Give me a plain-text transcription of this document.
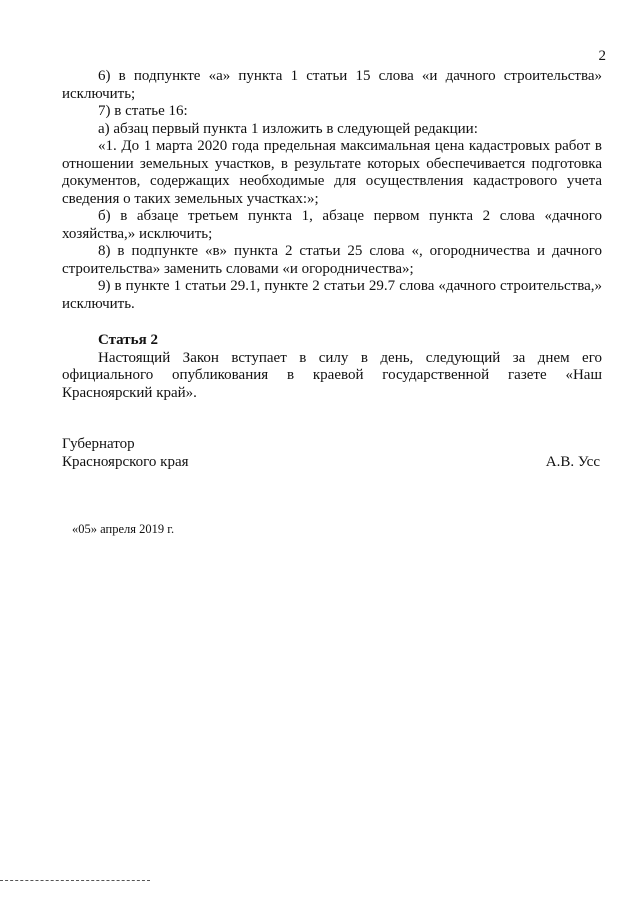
2

6) в подпункте «а» пункта 1 статьи 15 слова «и дачного строительства» исключить;

7) в статье 16:

а) абзац первый пункта 1 изложить в следующей редакции:

«1. До 1 марта 2020 года предельная максимальная цена кадастровых работ в отношении земельных участков, в результате которых обеспечивается подготовка документов, содержащих необходимые для осуществления кадастрового учета сведения о таких земельных участках:»;

б) в абзаце третьем пункта 1, абзаце первом пункта 2 слова «дачного хозяйства,» исключить;

8) в подпункте «в» пункта 2 статьи 25 слова «, огородничества и дачного строительства» заменить словами «и огородничества»;

9) в пункте 1 статьи 29.1, пункте 2 статьи 29.7 слова «дачного строительства,» исключить.

Статья 2

Настоящий Закон вступает в силу в день, следующий за днем его официального опубликования в краевой государственной газете «Наш Красноярский край».

Губернатор
Красноярского края	А.В. Усс
«05» апреля 2019 г.
